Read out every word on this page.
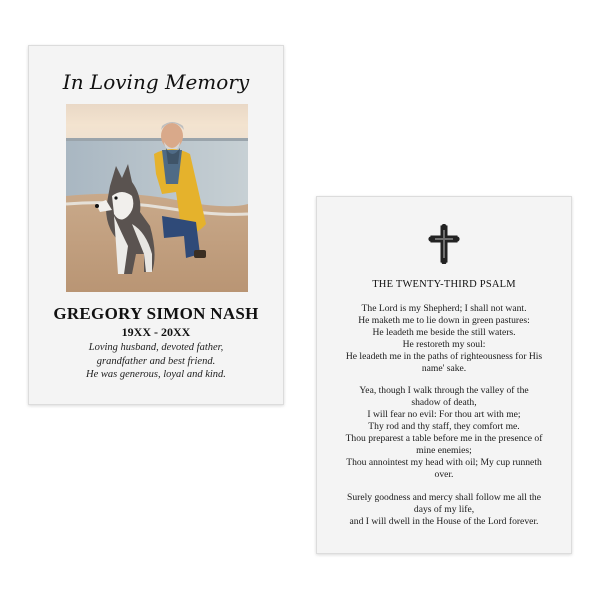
In Loving Memory
GREGORY SIMON NASH
19XX - 20XX
Loving husband, devoted father,
grandfather and best friend.
He was generous, loyal and kind.
THE TWENTY-THIRD PSALM
The Lord is my Shepherd; I shall not want.
He maketh me to lie down in green pastures:
He leadeth me beside the still waters.
He restoreth my soul:
He leadeth me in the paths of righteousness for His
name' sake.
Yea, though I walk through the valley of the
shadow of death,
I will fear no evil: For thou art with me;
Thy rod and thy staff, they comfort me.
Thou preparest a table before me in the presence of
mine enemies;
Thou annointest my head with oil; My cup runneth
over.
Surely goodness and mercy shall follow me all the
days of my life,
and I will dwell in the House of the Lord forever.
